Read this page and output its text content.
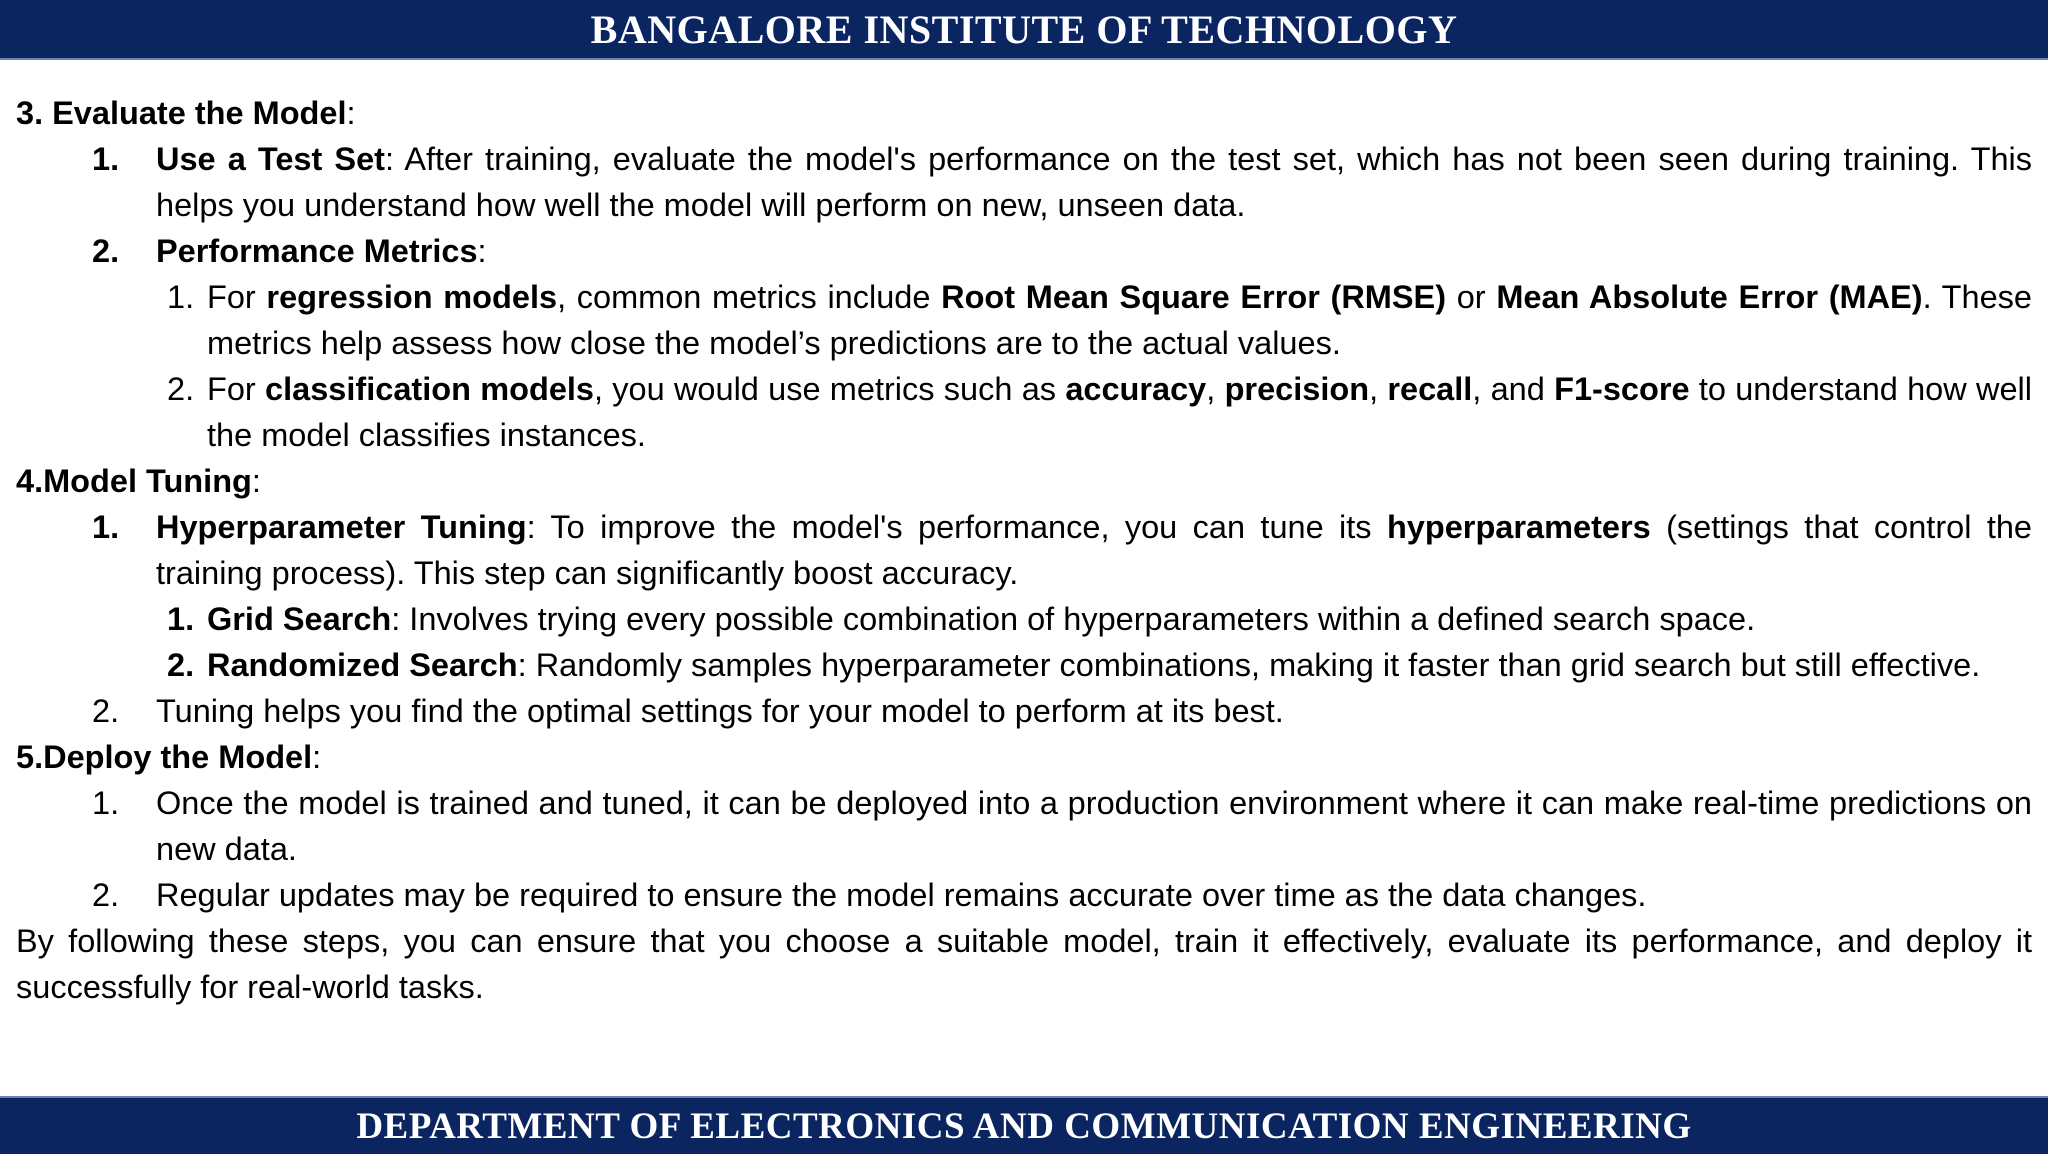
BANGALORE INSTITUTE OF TECHNOLOGY
3. Evaluate the Model:
1.	Use a Test Set: After training, evaluate the model's performance on the test set, which has not been seen during training. This helps you understand how well the model will perform on new, unseen data.
2.	Performance Metrics:
1. For regression models, common metrics include Root Mean Square Error (RMSE) or Mean Absolute Error (MAE). These metrics help assess how close the model’s predictions are to the actual values.
2. For classification models, you would use metrics such as accuracy, precision, recall, and F1-score to understand how well the model classifies instances.
4.Model Tuning:
1.	Hyperparameter Tuning: To improve the model's performance, you can tune its hyperparameters (settings that control the training process). This step can significantly boost accuracy.
1. Grid Search: Involves trying every possible combination of hyperparameters within a defined search space.
2. Randomized Search: Randomly samples hyperparameter combinations, making it faster than grid search but still effective.
2.	Tuning helps you find the optimal settings for your model to perform at its best.
5.Deploy the Model:
1.	Once the model is trained and tuned, it can be deployed into a production environment where it can make real-time predictions on new data.
2.	Regular updates may be required to ensure the model remains accurate over time as the data changes.
By following these steps, you can ensure that you choose a suitable model, train it effectively, evaluate its performance, and deploy it successfully for real-world tasks.
DEPARTMENT OF ELECTRONICS AND COMMUNICATION ENGINEERING
